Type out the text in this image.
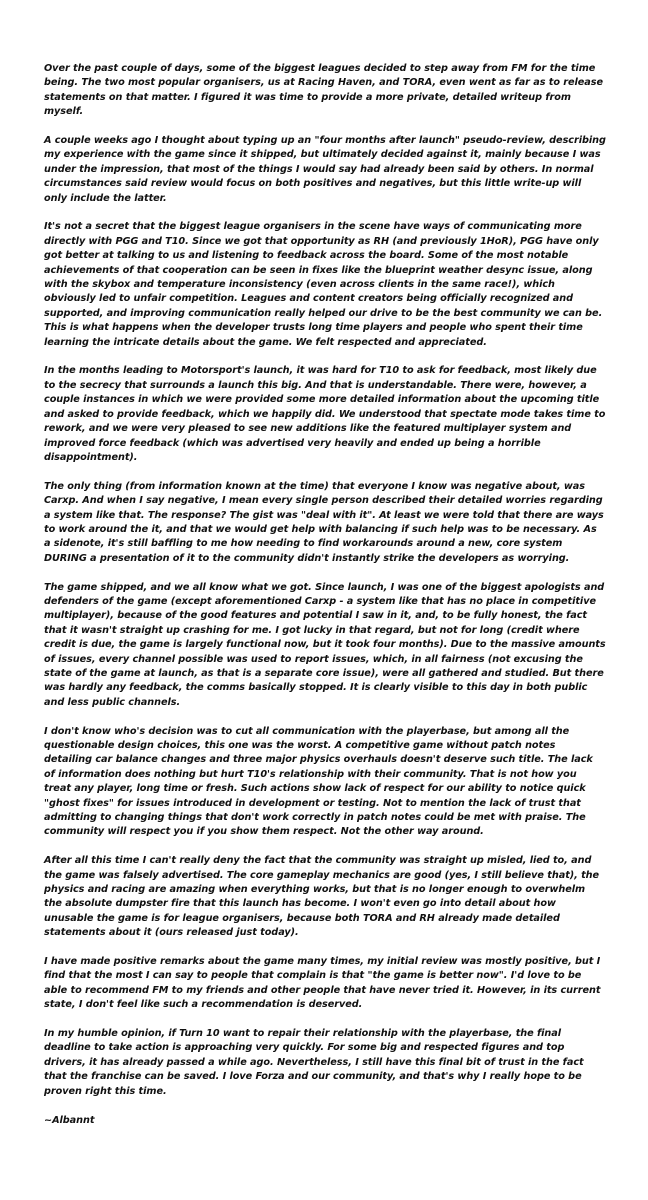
Over the past couple of days, some of the biggest leagues decided to step away from FM for the time being. The two most popular organisers, us at Racing Haven, and TORA, even went as far as to release statements on that matter. I figured it was time to provide a more private, detailed writeup from myself.

A couple weeks ago I thought about typing up an "four months after launch" pseudo-review, describing my experience with the game since it shipped, but ultimately decided against it, mainly because I was under the impression, that most of the things I would say had already been said by others. In normal circumstances said review would focus on both positives and negatives, but this little write-up will only include the latter.

It's not a secret that the biggest league organisers in the scene have ways of communicating more directly with PGG and T10. Since we got that opportunity as RH (and previously 1HoR), PGG have only got better at talking to us and listening to feedback across the board. Some of the most notable achievements of that cooperation can be seen in fixes like the blueprint weather desync issue, along with the skybox and temperature inconsistency (even across clients in the same race!), which obviously led to unfair competition. Leagues and content creators being officially recognized and supported, and improving communication really helped our drive to be the best community we can be. This is what happens when the developer trusts long time players and people who spent their time learning the intricate details about the game. We felt respected and appreciated.

In the months leading to Motorsport's launch, it was hard for T10 to ask for feedback, most likely due to the secrecy that surrounds a launch this big. And that is understandable. There were, however, a couple instances in which we were provided some more detailed information about the upcoming title and asked to provide feedback, which we happily did. We understood that spectate mode takes time to rework, and we were very pleased to see new additions like the featured multiplayer system and improved force feedback (which was advertised very heavily and ended up being a horrible disappointment).

The only thing (from information known at the time) that everyone I know was negative about, was Carxp. And when I say negative, I mean every single person described their detailed worries regarding a system like that. The response? The gist was "deal with it". At least we were told that there are ways to work around the it, and that we would get help with balancing if such help was to be necessary. As a sidenote, it's still baffling to me how needing to find workarounds around a new, core system DURING a presentation of it to the community didn't instantly strike the developers as worrying.

The game shipped, and we all know what we got. Since launch, I was one of the biggest apologists and defenders of the game (except aforementioned Carxp - a system like that has no place in competitive multiplayer), because of the good features and potential I saw in it, and, to be fully honest, the fact that it wasn't straight up crashing for me. I got lucky in that regard, but not for long (credit where credit is due, the game is largely functional now, but it took four months). Due to the massive amounts of issues, every channel possible was used to report issues, which, in all fairness (not excusing the state of the game at launch, as that is a separate core issue), were all gathered and studied. But there was hardly any feedback, the comms basically stopped. It is clearly visible to this day in both public and less public channels.

I don't know who's decision was to cut all communication with the playerbase, but among all the questionable design choices, this one was the worst. A competitive game without patch notes detailing car balance changes and three major physics overhauls doesn't deserve such title. The lack of information does nothing but hurt T10's relationship with their community. That is not how you treat any player, long time or fresh. Such actions show lack of respect for our ability to notice quick "ghost fixes" for issues introduced in development or testing. Not to mention the lack of trust that admitting to changing things that don't work correctly in patch notes could be met with praise. The community will respect you if you show them respect. Not the other way around.

After all this time I can't really deny the fact that the community was straight up misled, lied to, and the game was falsely advertised. The core gameplay mechanics are good (yes, I still believe that), the physics and racing are amazing when everything works, but that is no longer enough to overwhelm the absolute dumpster fire that this launch has become. I won't even go into detail about how unusable the game is for league organisers, because both TORA and RH already made detailed statements about it (ours released just today).

I have made positive remarks about the game many times, my initial review was mostly positive, but I find that the most I can say to people that complain is that "the game is better now". I'd love to be able to recommend FM to my friends and other people that have never tried it. However, in its current state, I don't feel like such a recommendation is deserved.

In my humble opinion, if Turn 10 want to repair their relationship with the playerbase, the final deadline to take action is approaching very quickly. For some big and respected figures and top drivers, it has already passed a while ago. Nevertheless, I still have this final bit of trust in the fact that the franchise can be saved. I love Forza and our community, and that's why I really hope to be proven right this time.

~Albannt
